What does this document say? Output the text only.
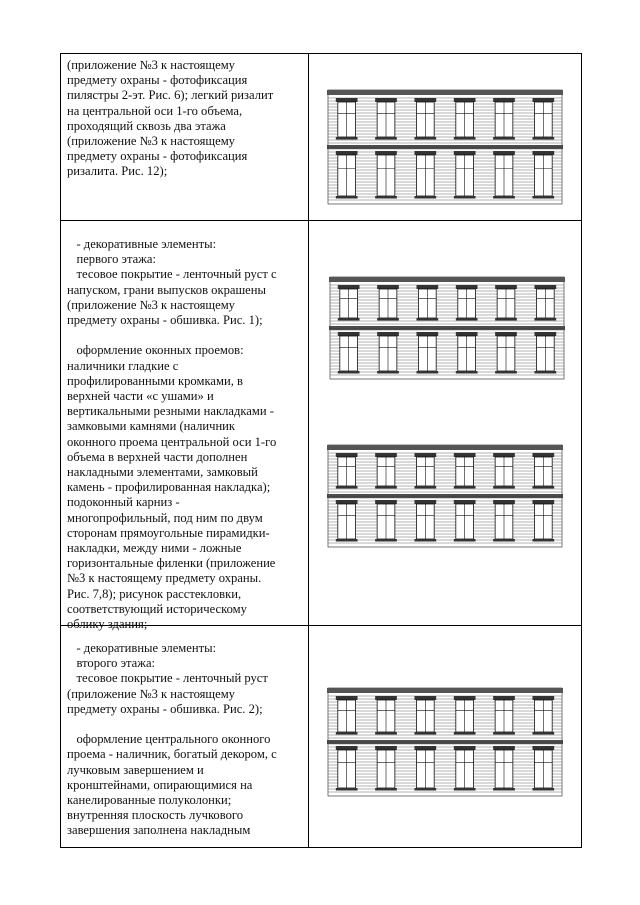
(приложение №3 к настоящему
предмету охраны - фотофиксация
пилястры 2-эт. Рис. 6); легкий ризалит
на центральной оси 1-го объема,
проходящий сквозь два этажа
(приложение №3 к настоящему
предмету охраны - фотофиксация
ризалита. Рис. 12);
- декоративные элементы:
первого этажа:
тесовое покрытие - ленточный руст с
напуском, грани выпусков окрашены
(приложение №3 к настоящему
предмету охраны - обшивка. Рис. 1);

оформление оконных проемов:
наличники гладкие с
профилированными кромками, в
верхней части «с ушами» и
вертикальными резными накладками -
замковыми камнями (наличник
оконного проема центральной оси 1-го
объема в верхней части дополнен
накладными элементами, замковый
камень - профилированная накладка);
подоконный карниз -
многопрофильный, под ним по двум
сторонам прямоугольные пирамидки-
накладки, между ними - ложные
горизонтальные филенки (приложение
№3 к настоящему предмету охраны.
Рис. 7,8); рисунок расстекловки,
соответствующий историческому
облику здания;
- декоративные элементы:
второго этажа:
тесовое покрытие - ленточный руст
(приложение №3 к настоящему
предмету охраны - обшивка. Рис. 2);

оформление центрального оконного
проема - наличник, богатый декором, с
лучковым завершением и
кронштейнами, опирающимися на
канелированные полуколонки;
внутренняя плоскость лучкового
завершения заполнена накладным
